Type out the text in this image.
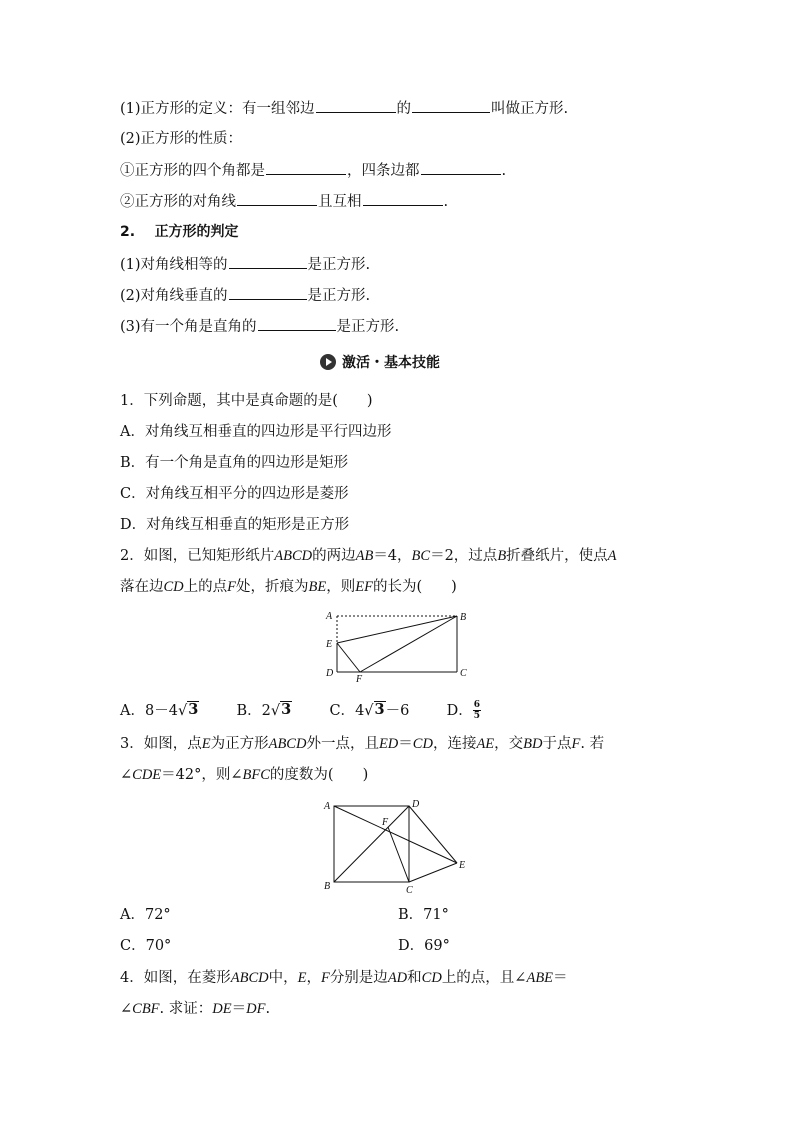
(1)正方形的定义：有一组邻边	的	叫做正方形.
(2)正方形的性质：
①正方形的四个角都是	，四条边都	.
②正方形的对角线	且互相	.
2. 正方形的判定
(1)对角线相等的	是正方形.
(2)对角线垂直的	是正方形.
(3)有一个角是直角的	是正方形.
激活・基本技能
1．下列命题，其中是真命题的是(　　)
A．对角线互相垂直的四边形是平行四边形
B．有一个角是直角的四边形是矩形
C．对角线互相平分的四边形是菱形
D．对角线互相垂直的矩形是正方形
2．如图，已知矩形纸片ABCD的两边AB＝4，BC＝2，过点B折叠纸片，使点A
落在边CD上的点F处，折痕为BE，则EF的长为(　　)
A	B
C
D
E
F
A．8－4√ 3	B．2√ 3	C．4√ 3 －6	D． $\frac{6}{5}$
3．如图，点E为正方形ABCD外一点，且ED＝CD，连接AE，交BD于点F. 若
∠CDE＝42°，则∠BFC的度数为(　　)
A
B	C
D
E
F
A．72°	B．71°
C．70°	D．69°
4．如图，在菱形ABCD中，E，F分别是边AD和CD上的点，且∠ABE＝
∠CBF. 求证：DE＝DF.
